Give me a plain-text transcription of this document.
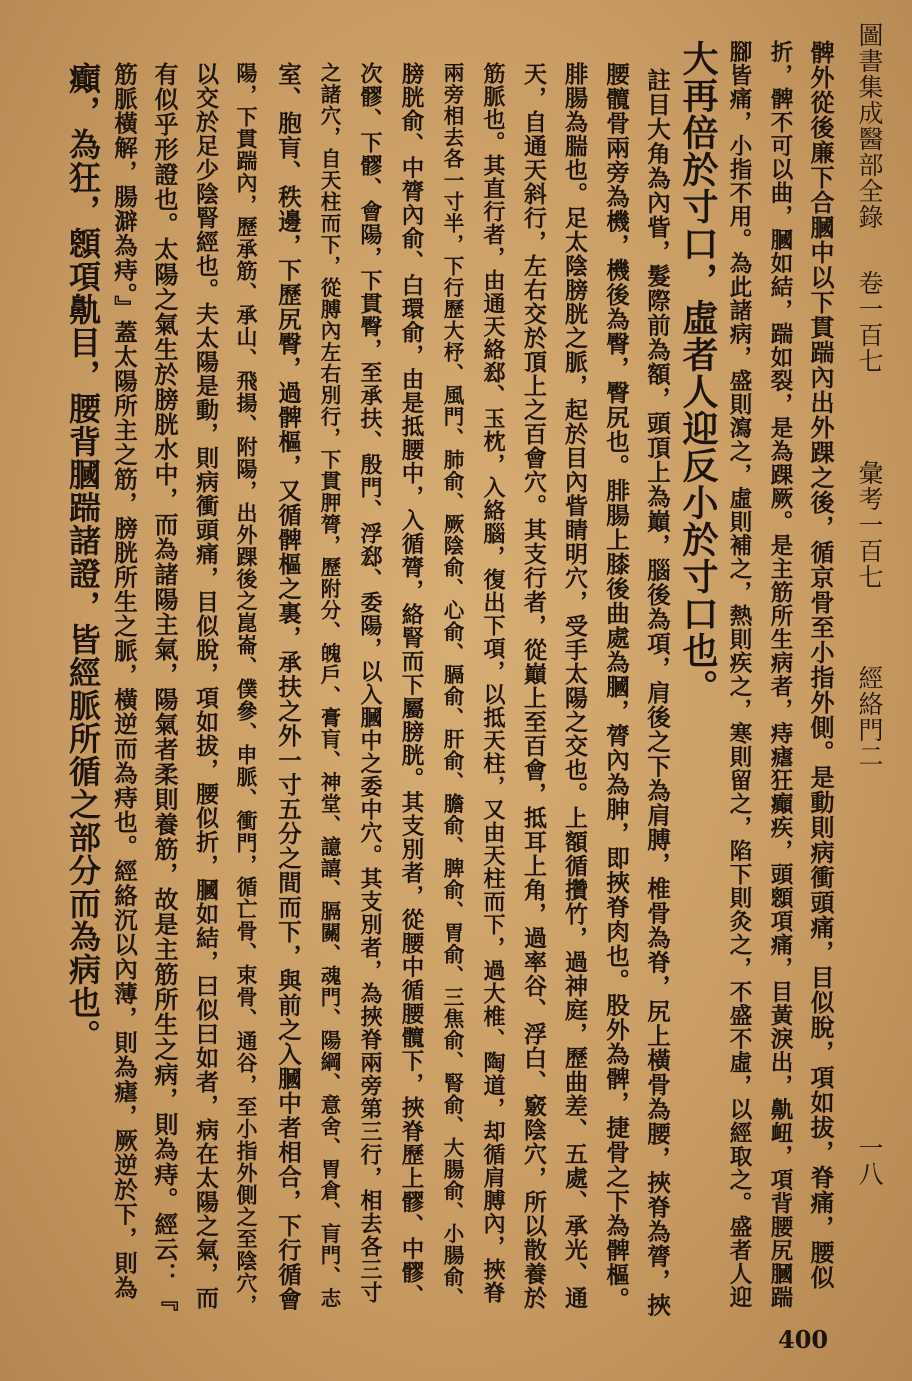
圖書集成醫部全錄
卷一百七
彙考一百七
經絡門二
一八
髀外從後廉下合膕中以下貫踹內出外踝之後，循京骨至小指外側。是動則病衝頭痛，目似脫，項如拔，脊痛，腰似
折，髀不可以曲，膕如結，踹如裂，是為踝厥。是主筋所生病者，痔瘧狂癲疾，頭顖項痛，目黃淚出，鼽衄，項背腰尻膕踹
腳皆痛，小指不用。為此諸病，盛則瀉之，虛則補之，熱則疾之，寒則留之，陷下則灸之，不盛不虛，以經取之。盛者人迎
大再倍於寸口，虛者人迎反小於寸口也。
註目大角為內眥，髮際前為額，頭頂上為巔，腦後為項，肩後之下為肩膊，椎骨為脊，尻上橫骨為腰，挾脊為膂，挾
腰髖骨兩旁為機，機後為臀，臀尻也。腓腸上膝後曲處為膕，膂內為胂，即挾脊肉也。股外為髀，捷骨之下為髀樞。
腓腸為腨也。足太陰膀胱之脈，起於目內眥睛明穴，受手太陽之交也。上額循攢竹，過神庭，歷曲差、五處、承光、通
天，自通天斜行，左右交於頂上之百會穴。其支行者，從巔上至百會，抵耳上角，過率谷、浮白、竅陰穴，所以散養於
筋脈也。其直行者，由通天絡郄、玉枕，入絡腦，復出下項，以抵天柱，又由天柱而下，過大椎、陶道，却循肩膊內，挾脊
兩旁相去各一寸半，下行歷大杼、風門、肺俞、厥陰俞、心俞、膈俞、肝俞、膽俞、脾俞、胃俞、三焦俞、腎俞、大腸俞、小腸俞、
膀胱俞、中膂內俞、白環俞，由是抵腰中，入循膂，絡腎而下屬膀胱。其支別者，從腰中循腰髖下，挾脊歷上髎、中髎、
次髎、下髎、會陽，下貫臀，至承扶、殷門、浮郄、委陽，以入膕中之委中穴。其支別者，為挾脊兩旁第三行，相去各三寸
之諸穴，自天柱而下，從膊內左右別行，下貫胛膂，歷附分、魄戶、膏肓、神堂、譩譆、膈關、魂門、陽綱、意舍、胃倉、肓門、志
室、胞肓、秩邊，下歷尻臀，過髀樞，又循髀樞之裏，承扶之外一寸五分之間而下，與前之入膕中者相合，下行循會
陽，下貫踹內，歷承筋、承山、飛揚、附陽，出外踝後之崑崙、僕參、申脈、衝門，循亡骨、束骨、通谷，至小指外側之至陰穴，
以交於足少陰腎經也。夫太陽是動，則病衝頭痛，目似脫，項如拔，腰似折，膕如結，曰似曰如者，病在太陽之氣，而
有似乎形證也。太陽之氣生於膀胱水中，而為諸陽主氣，陽氣者柔則養筋，故是主筋所生之病，則為痔。經云：『
筋脈橫解，腸澼為痔。』蓋太陽所主之筋，膀胱所生之脈，橫逆而為痔也。經絡沉以內薄，則為瘧，厥逆於下，則為
癲，為狂，顖項鼽目，腰背膕踹諸證，皆經脈所循之部分而為病也。
400
